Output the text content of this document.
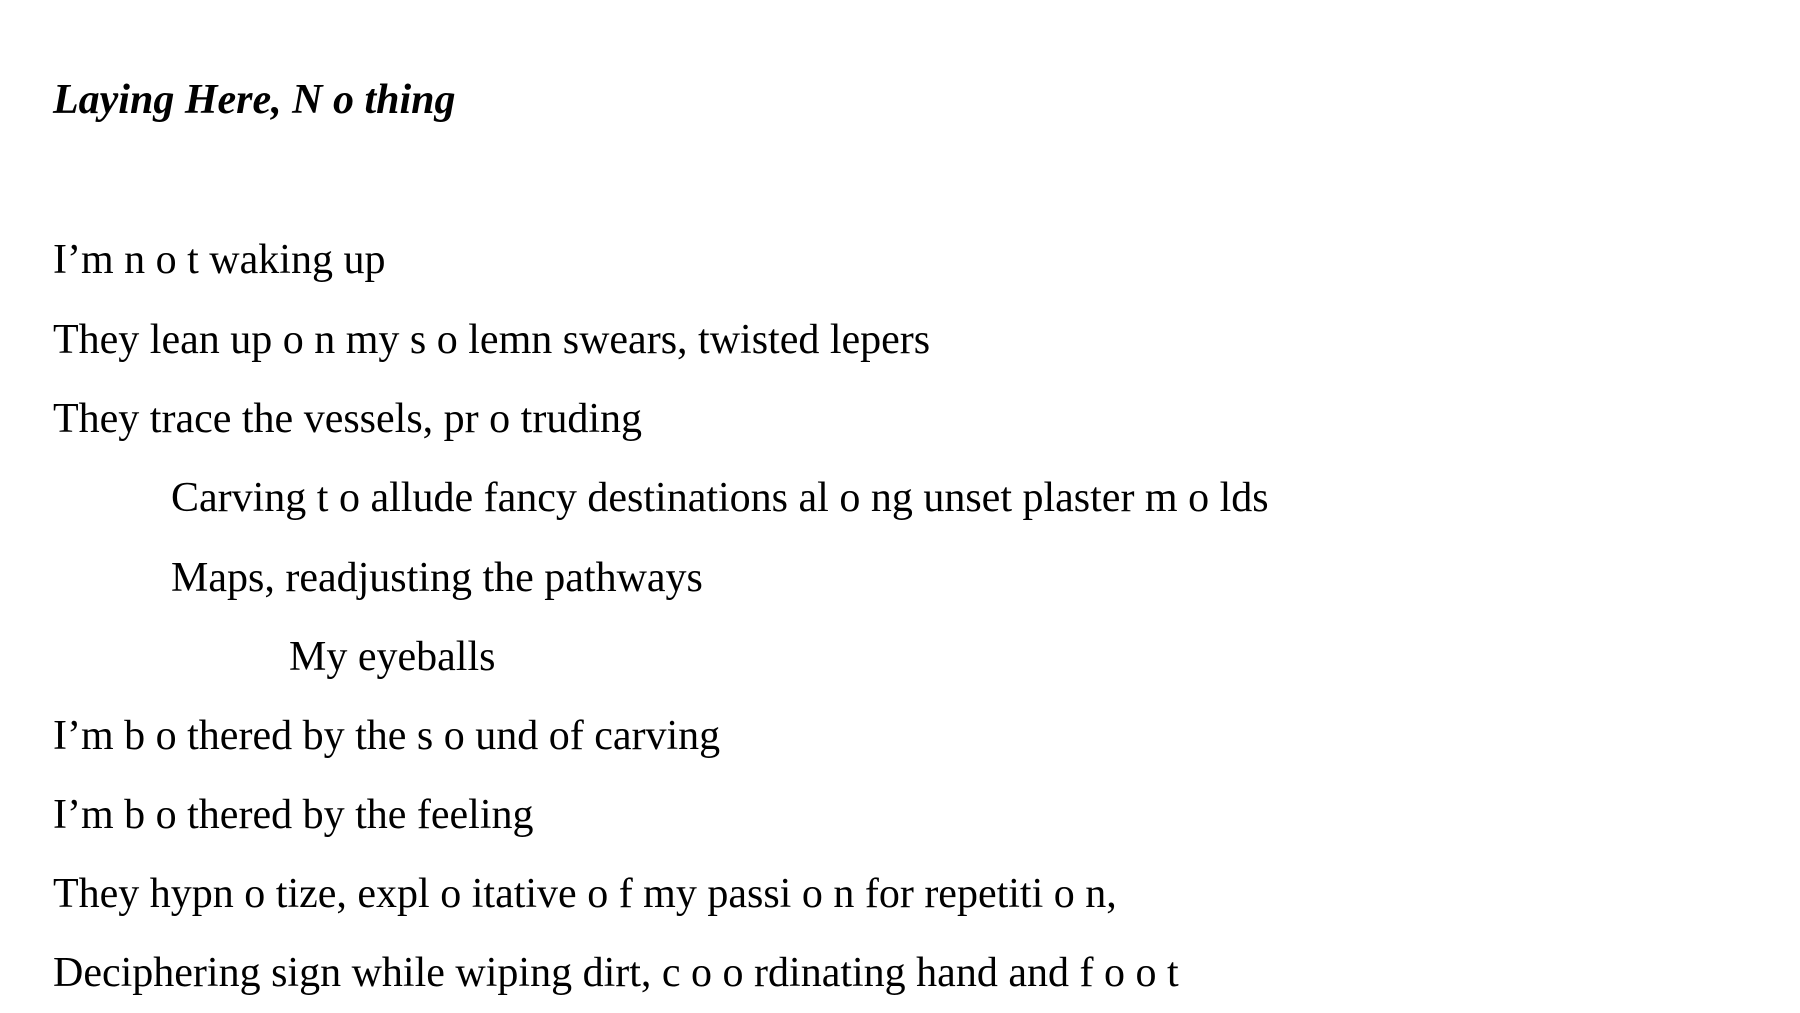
Laying Here, N o thing

I’m n o t waking up

They lean up o n my s o lemn swears, twisted lepers

They trace the vessels, pr o truding

Carving t o allude fancy destinations al o ng unset plaster m o lds

Maps, readjusting the pathways

My eyeballs

I’m b o thered by the s o und of carving

I’m b o thered by the feeling

They hypn o tize, expl o itative o f my passi o n for repetiti o n,

Deciphering sign while wiping dirt, c o o rdinating hand and f o o t
